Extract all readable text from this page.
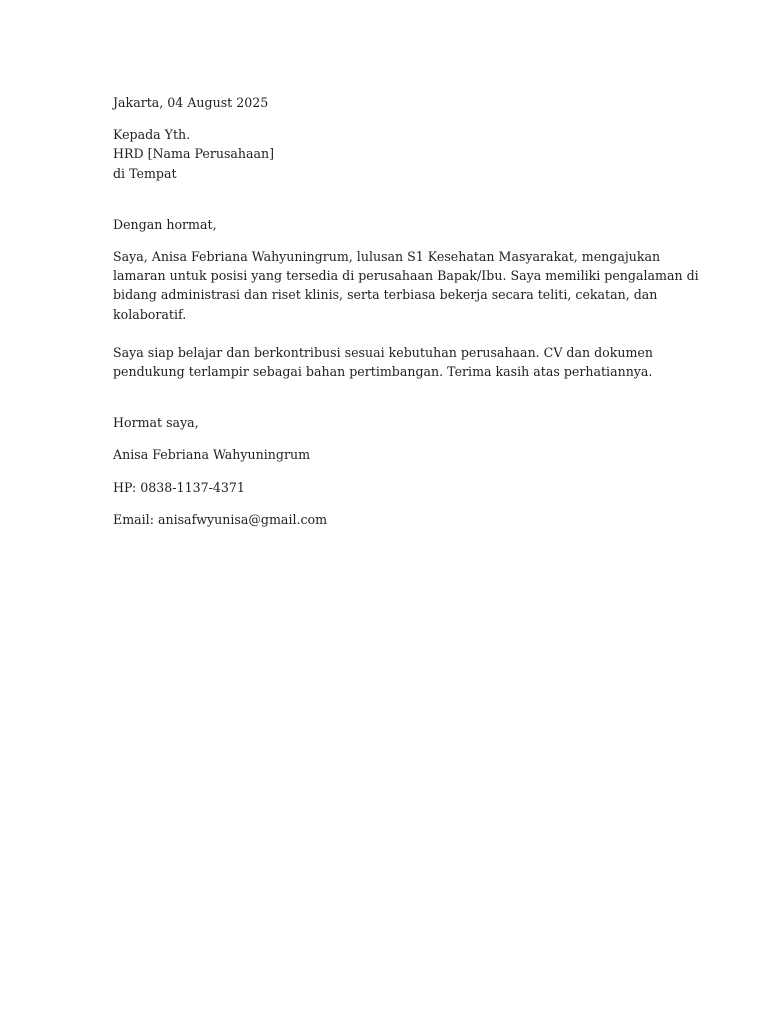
Jakarta, 04 August 2025

Kepada Yth.
HRD [Nama Perusahaan]
di Tempat

Dengan hormat,

Saya, Anisa Febriana Wahyuningrum, lulusan S1 Kesehatan Masyarakat, mengajukan
lamaran untuk posisi yang tersedia di perusahaan Bapak/Ibu. Saya memiliki pengalaman di
bidang administrasi dan riset klinis, serta terbiasa bekerja secara teliti, cekatan, dan
kolaboratif.

Saya siap belajar dan berkontribusi sesuai kebutuhan perusahaan. CV dan dokumen
pendukung terlampir sebagai bahan pertimbangan. Terima kasih atas perhatiannya.

Hormat saya,

Anisa Febriana Wahyuningrum

HP: 0838-1137-4371

Email: anisafwyunisa@gmail.com
